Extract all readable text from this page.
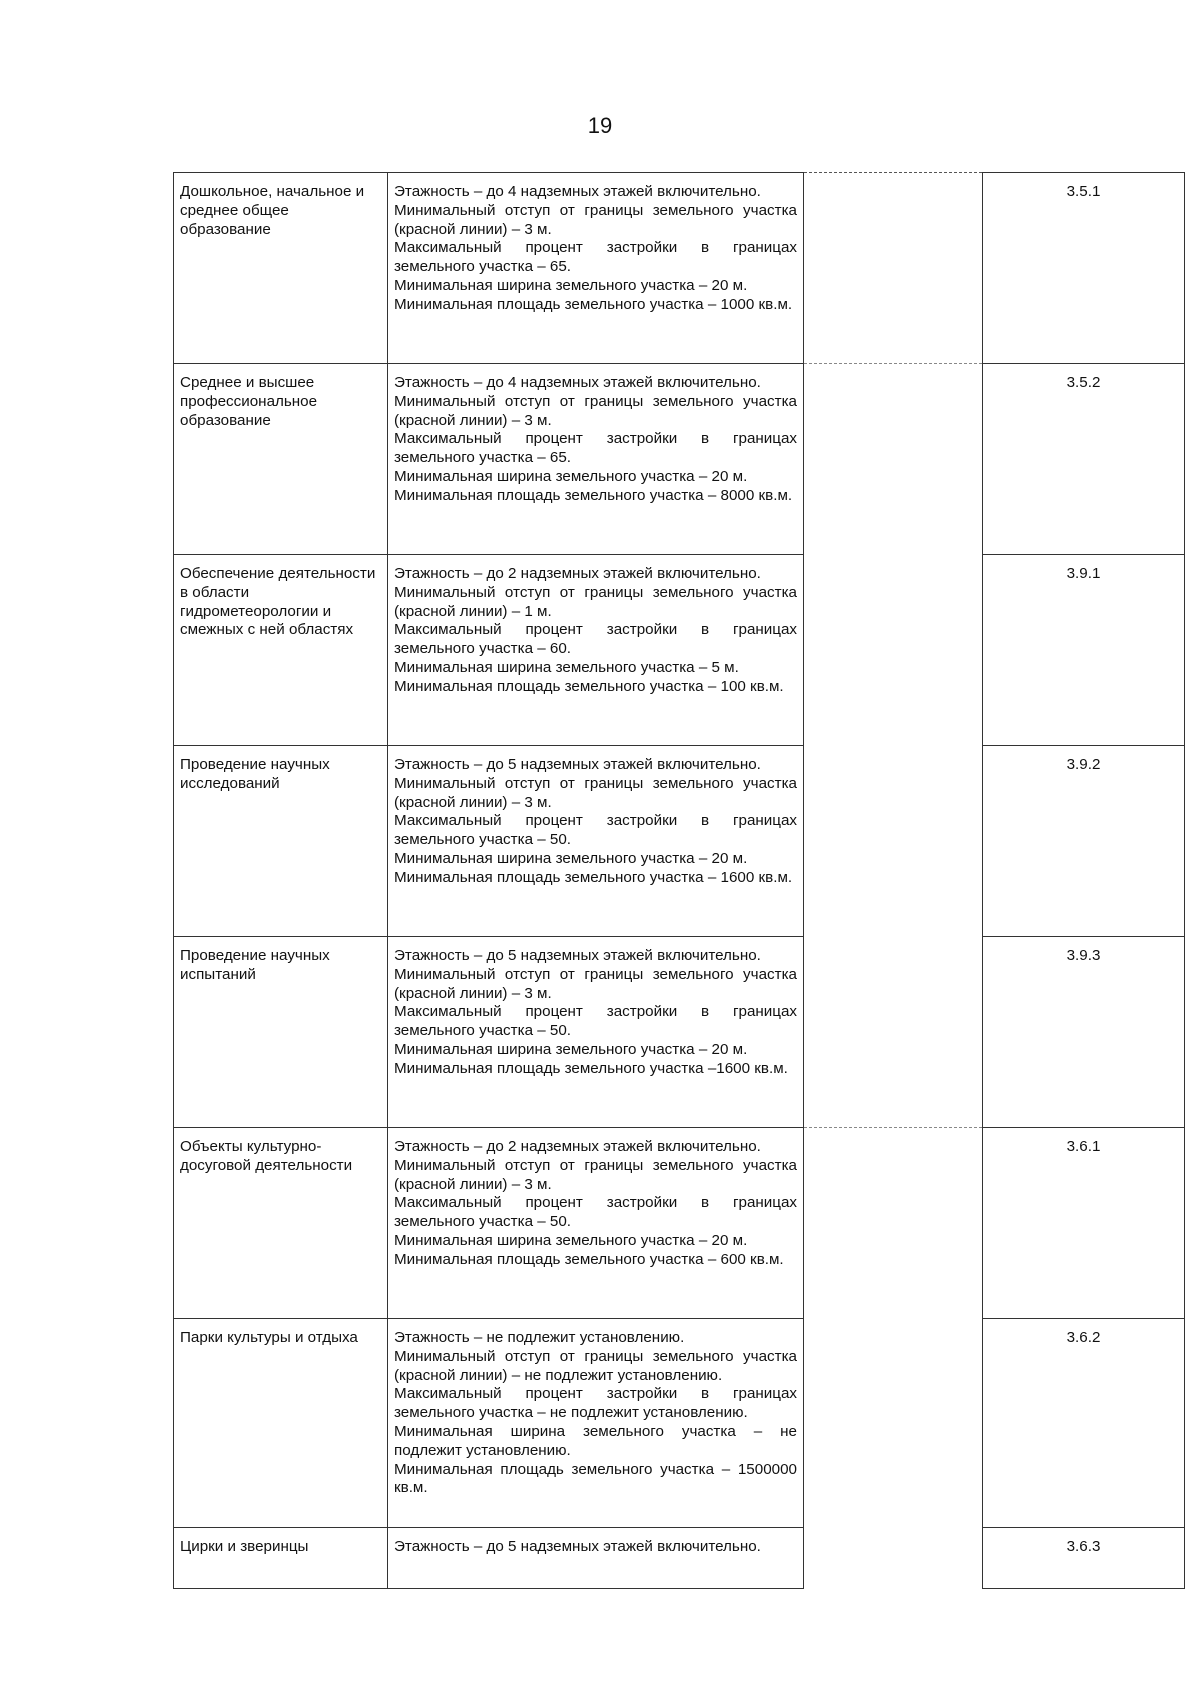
19
Дошкольное, начальное и среднее общее образование	Этажность – до 4 надземных этажей включительно.
Минимальный отступ от границы земельного участка (красной линии) – 3 м.
Максимальный процент застройки в границах земельного участка – 65.
Минимальная ширина земельного участка – 20 м.
Минимальная площадь земельного участка – 1000 кв.м.		3.5.1
Среднее и высшее профессиональное образование	Этажность – до 4 надземных этажей включительно.
Минимальный отступ от границы земельного участка (красной линии) – 3 м.
Максимальный процент застройки в границах земельного участка – 65.
Минимальная ширина земельного участка – 20 м.
Минимальная площадь земельного участка – 8000 кв.м.		3.5.2
Обеспечение деятельности в области гидрометеорологии и смежных с ней областях	Этажность – до 2 надземных этажей включительно.
Минимальный отступ от границы земельного участка (красной линии) – 1 м.
Максимальный процент застройки в границах земельного участка – 60.
Минимальная ширина земельного участка – 5 м.
Минимальная площадь земельного участка – 100 кв.м.		3.9.1
Проведение научных исследований	Этажность – до 5 надземных этажей включительно.
Минимальный отступ от границы земельного участка (красной линии) – 3 м.
Максимальный процент застройки в границах земельного участка – 50.
Минимальная ширина земельного участка – 20 м.
Минимальная площадь земельного участка – 1600 кв.м.		3.9.2
Проведение научных испытаний	Этажность – до 5 надземных этажей включительно.
Минимальный отступ от границы земельного участка (красной линии) – 3 м.
Максимальный процент застройки в границах земельного участка – 50.
Минимальная ширина земельного участка – 20 м.
Минимальная площадь земельного участка –1600 кв.м.		3.9.3
Объекты культурно-досуговой деятельности	Этажность – до 2 надземных этажей включительно.
Минимальный отступ от границы земельного участка (красной линии) – 3 м.
Максимальный процент застройки в границах земельного участка – 50.
Минимальная ширина земельного участка – 20 м.
Минимальная площадь земельного участка – 600 кв.м.		3.6.1
Парки культуры и отдыха	Этажность – не подлежит установлению.
Минимальный отступ от границы земельного участка (красной линии) – не подлежит установлению.
Максимальный процент застройки в границах земельного участка – не подлежит установлению.
Минимальная ширина земельного участка – не подлежит установлению.
Минимальная площадь земельного участка – 1500000 кв.м.		3.6.2
Цирки и зверинцы	Этажность – до 5 надземных этажей включительно.		3.6.3
